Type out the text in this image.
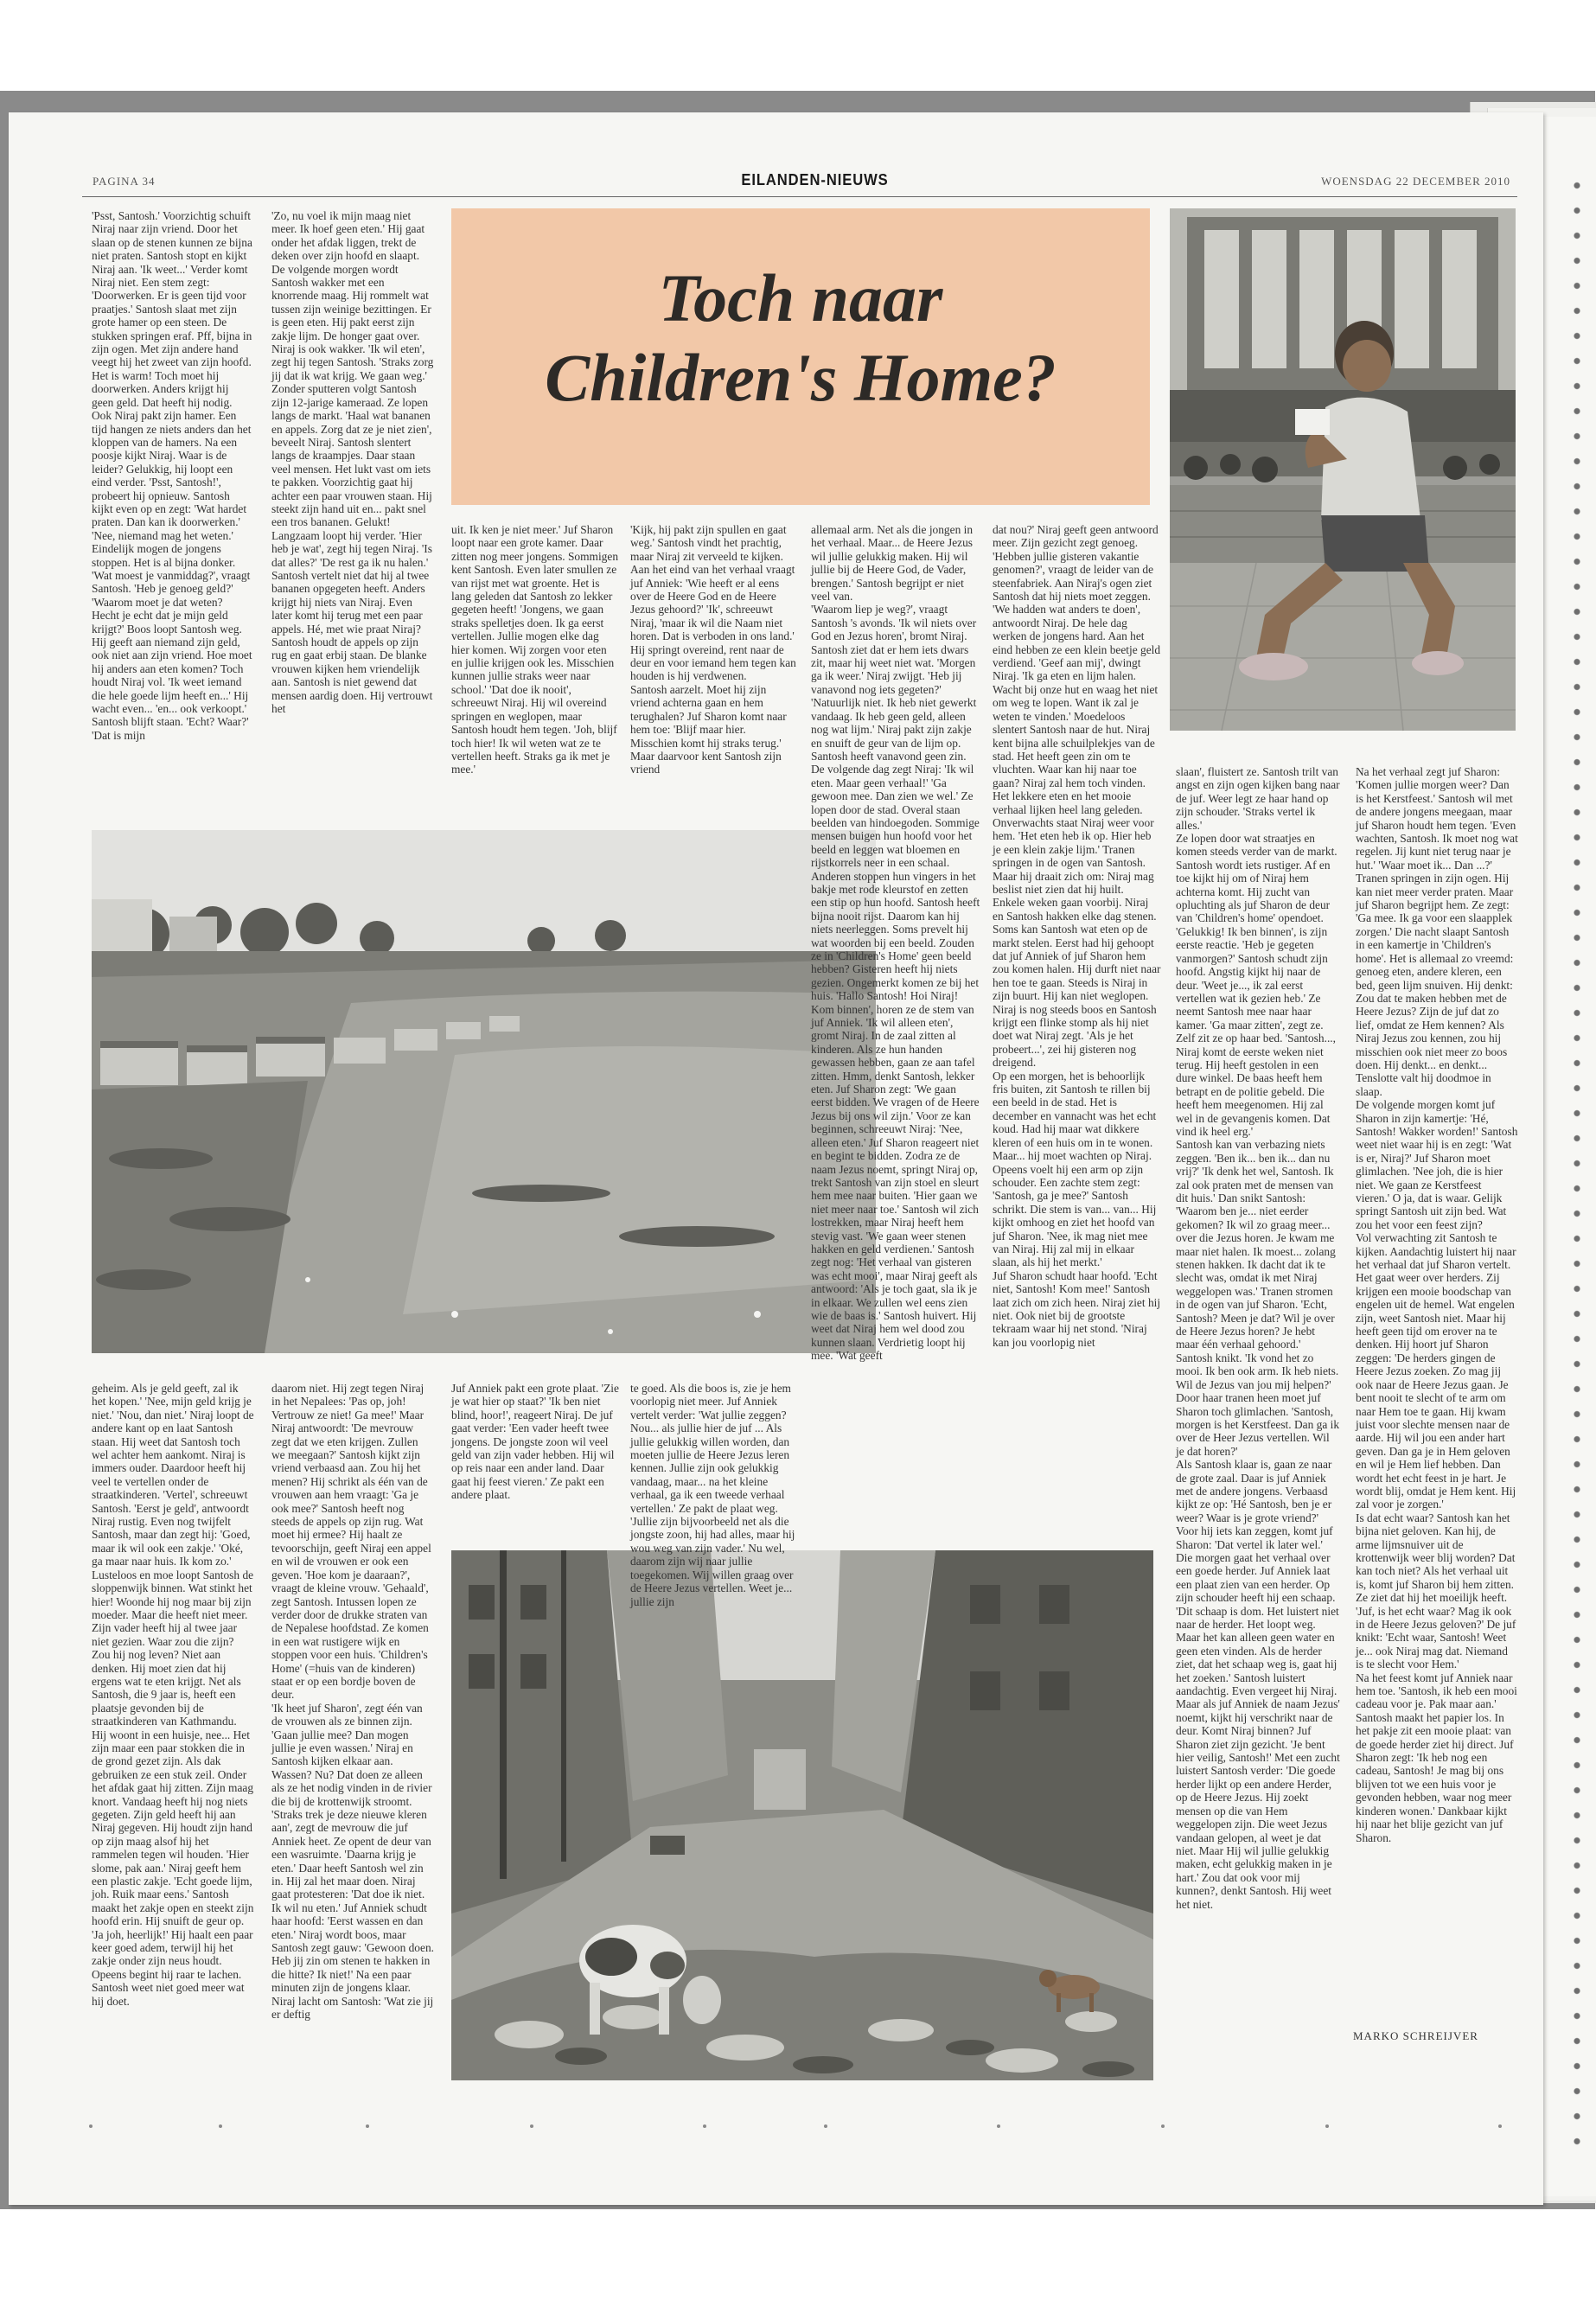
PAGINA 34	EILANDEN-NIEUWS	WOENSDAG 22 DECEMBER 2010
Toch naar
Children's Home?
'Psst, Santosh.' Voorzichtig schuift Niraj naar zijn vriend. Door het slaan op de stenen kunnen ze bijna niet praten. Santosh stopt en kijkt Niraj aan. 'Ik weet...' Verder komt Niraj niet. Een stem zegt: 'Doorwerken. Er is geen tijd voor praatjes.' Santosh slaat met zijn grote hamer op een steen. De stukken springen eraf. Pff, bijna in zijn ogen. Met zijn andere hand veegt hij het zweet van zijn hoofd. Het is warm! Toch moet hij doorwerken. Anders krijgt hij geen geld. Dat heeft hij nodig. Ook Niraj pakt zijn hamer. Een tijd hangen ze niets anders dan het kloppen van de hamers. Na een poosje kijkt Niraj. Waar is de leider? Gelukkig, hij loopt een eind verder. 'Psst, Santosh!', probeert hij opnieuw. Santosh kijkt even op en zegt: 'Wat hardet praten. Dan kan ik doorwerken.' 'Nee, niemand mag het weten.' Eindelijk mogen de jongens stoppen. Het is al bijna donker. 'Wat moest je vanmiddag?', vraagt Santosh. 'Heb je genoeg geld?' 'Waarom moet je dat weten? Hecht je echt dat je mijn geld krijgt?' Boos loopt Santosh weg. Hij geeft aan niemand zijn geld, ook niet aan zijn vriend. Hoe moet hij anders aan eten komen? Toch houdt Niraj vol. 'Ik weet iemand die hele goede lijm heeft en...' Hij wacht even... 'en... ook verkoopt.' Santosh blijft staan. 'Echt? Waar?' 'Dat is mijn
'Zo, nu voel ik mijn maag niet meer. Ik hoef geen eten.' Hij gaat onder het afdak liggen, trekt de deken over zijn hoofd en slaapt.
De volgende morgen wordt Santosh wakker met een knorrende maag. Hij rommelt wat tussen zijn weinige bezittingen. Er is geen eten. Hij pakt eerst zijn zakje lijm. De honger gaat over. Niraj is ook wakker. 'Ik wil eten', zegt hij tegen Santosh. 'Straks zorg jij dat ik wat krijg. We gaan weg.' Zonder sputteren volgt Santosh zijn 12-jarige kameraad. Ze lopen langs de markt. 'Haal wat bananen en appels. Zorg dat ze je niet zien', beveelt Niraj. Santosh slentert langs de kraampjes. Daar staan veel mensen. Het lukt vast om iets te pakken. Voorzichtig gaat hij achter een paar vrouwen staan. Hij steekt zijn hand uit en... pakt snel een tros bananen. Gelukt! Langzaam loopt hij verder. 'Hier heb je wat', zegt hij tegen Niraj. 'Is dat alles?' 'De rest ga ik nu halen.' Santosh vertelt niet dat hij al twee bananen opgegeten heeft. Anders krijgt hij niets van Niraj. Even later komt hij terug met een paar appels. Hé, met wie praat Niraj? Santosh houdt de appels op zijn rug en gaat erbij staan. De blanke vrouwen kijken hem vriendelijk aan. Santosh is niet gewend dat mensen aardig doen. Hij vertrouwt het
uit. Ik ken je niet meer.' Juf Sharon loopt naar een grote kamer. Daar zitten nog meer jongens. Sommigen kent Santosh. Even later smullen ze van rijst met wat groente. Het is lang geleden dat Santosh zo lekker gegeten heeft! 'Jongens, we gaan straks spelletjes doen. Ik ga eerst vertellen. Jullie mogen elke dag hier komen. Wij zorgen voor eten en jullie krijgen ook les. Misschien kunnen jullie straks weer naar school.' 'Dat doe ik nooit', schreeuwt Niraj. Hij wil overeind springen en weglopen, maar Santosh houdt hem tegen. 'Joh, blijf toch hier! Ik wil weten wat ze te vertellen heeft. Straks ga ik met je mee.'
'Kijk, hij pakt zijn spullen en gaat weg.' Santosh vindt het prachtig, maar Niraj zit verveeld te kijken. Aan het eind van het verhaal vraagt juf Anniek: 'Wie heeft er al eens over de Heere God en de Heere Jezus gehoord?' 'Ik', schreeuwt Niraj, 'maar ik wil die Naam niet horen. Dat is verboden in ons land.' Hij springt overeind, rent naar de deur en voor iemand hem tegen kan houden is hij verdwenen.
Santosh aarzelt. Moet hij zijn vriend achterna gaan en hem terughalen? Juf Sharon komt naar hem toe: 'Blijf maar hier. Misschien komt hij straks terug.' Maar daarvoor kent Santosh zijn vriend
allemaal arm. Net als die jongen in het verhaal. Maar... de Heere Jezus wil jullie gelukkig maken. Hij wil jullie bij de Heere God, de Vader, brengen.' Santosh begrijpt er niet veel van.
'Waarom liep je weg?', vraagt Santosh 's avonds. 'Ik wil niets over God en Jezus horen', bromt Niraj. Santosh ziet dat er hem iets dwars zit, maar hij weet niet wat. 'Morgen ga ik weer.' Niraj zwijgt. 'Heb jij vanavond nog iets gegeten?' 'Natuurlijk niet. Ik heb niet gewerkt vandaag. Ik heb geen geld, alleen nog wat lijm.' Niraj pakt zijn zakje en snuift de geur van de lijm op. Santosh heeft vanavond geen zin.
De volgende dag zegt Niraj: 'Ik wil eten. Maar geen verhaal!' 'Ga gewoon mee. Dan zien we wel.' Ze lopen door de stad. Overal staan beelden van hindoegoden. Sommige mensen buigen hun hoofd voor het beeld en leggen wat bloemen en rijstkorrels neer in een schaal. Anderen stoppen hun vingers in het bakje met rode kleurstof en zetten een stip op hun hoofd. Santosh heeft bijna nooit rijst. Daarom kan hij niets neerleggen. Soms prevelt hij wat woorden bij een beeld. Zouden ze in 'Children's Home' geen beeld hebben? Gisteren heeft hij niets gezien. Ongemerkt komen ze bij het huis. 'Hallo Santosh! Hoi Niraj! Kom binnen', horen ze de stem van juf Anniek. 'Ik wil alleen eten', gromt Niraj. In de zaal zitten al kinderen. Als ze hun handen gewassen hebben, gaan ze aan tafel zitten. Hmm, denkt Santosh, lekker eten. Juf Sharon zegt: 'We gaan eerst bidden. We vragen of de Heere Jezus bij ons wil zijn.' Voor ze kan beginnen, schreeuwt Niraj: 'Nee, alleen eten.' Juf Sharon reageert niet en begint te bidden. Zodra ze de naam Jezus noemt, springt Niraj op, trekt Santosh van zijn stoel en sleurt hem mee naar buiten. 'Hier gaan we niet meer naar toe.' Santosh wil zich lostrekken, maar Niraj heeft hem stevig vast. 'We gaan weer stenen hakken en geld verdienen.' Santosh zegt nog: 'Het verhaal van gisteren was echt mooi', maar Niraj geeft als antwoord: 'Als je toch gaat, sla ik je in elkaar. We zullen wel eens zien wie de baas is.' Santosh huivert. Hij weet dat Niraj hem wel dood zou kunnen slaan. Verdrietig loopt hij mee. 'Wat geeft
dat nou?' Niraj geeft geen antwoord meer. Zijn gezicht zegt genoeg.
'Hebben jullie gisteren vakantie genomen?', vraagt de leider van de steenfabriek. Aan Niraj's ogen ziet Santosh dat hij niets moet zeggen. 'We hadden wat anders te doen', antwoordt Niraj. De hele dag werken de jongens hard. Aan het eind hebben ze een klein beetje geld verdiend. 'Geef aan mij', dwingt Niraj. 'Ik ga eten en lijm halen. Wacht bij onze hut en waag het niet om weg te lopen. Want ik zal je weten te vinden.' Moedeloos slentert Santosh naar de hut. Niraj kent bijna alle schuilplekjes van de stad. Het heeft geen zin om te vluchten. Waar kan hij naar toe gaan? Niraj zal hem toch vinden. Het lekkere eten en het mooie verhaal lijken heel lang geleden. Onverwachts staat Niraj weer voor hem. 'Het eten heb ik op. Hier heb je een klein zakje lijm.' Tranen springen in de ogen van Santosh. Maar hij draait zich om: Niraj mag beslist niet zien dat hij huilt.
Enkele weken gaan voorbij. Niraj en Santosh hakken elke dag stenen. Soms kan Santosh wat eten op de markt stelen. Eerst had hij gehoopt dat juf Anniek of juf Sharon hem zou komen halen. Hij durft niet naar hen toe te gaan. Steeds is Niraj in zijn buurt. Hij kan niet weglopen. Niraj is nog steeds boos en Santosh krijgt een flinke stomp als hij niet doet wat Niraj zegt. 'Als je het probeert...', zei hij gisteren nog dreigend.
Op een morgen, het is behoorlijk fris buiten, zit Santosh te rillen bij een beeld in de stad. Het is december en vannacht was het echt koud. Had hij maar wat dikkere kleren of een huis om in te wonen. Maar... hij moet wachten op Niraj. Opeens voelt hij een arm op zijn schouder. Een zachte stem zegt: 'Santosh, ga je mee?' Santosh schrikt. Die stem is van... van... Hij kijkt omhoog en ziet het hoofd van juf Sharon. 'Nee, ik mag niet mee van Niraj. Hij zal mij in elkaar slaan, als hij het merkt.'
Juf Sharon schudt haar hoofd. 'Echt niet, Santosh! Kom mee!' Santosh laat zich om zich heen. Niraj ziet hij niet. Ook niet bij de grootste tekraam waar hij net stond. 'Niraj kan jou voorlopig niet
slaan', fluistert ze. Santosh trilt van angst en zijn ogen kijken bang naar de juf. Weer legt ze haar hand op zijn schouder. 'Straks vertel ik alles.'
Ze lopen door wat straatjes en komen steeds verder van de markt. Santosh wordt iets rustiger. Af en toe kijkt hij om of Niraj hem achterna komt. Hij zucht van opluchting als juf Sharon de deur van 'Children's home' opendoet. 'Gelukkig! Ik ben binnen', is zijn eerste reactie. 'Heb je gegeten vanmorgen?' Santosh schudt zijn hoofd. Angstig kijkt hij naar de deur. 'Weet je..., ik zal eerst vertellen wat ik gezien heb.' Ze neemt Santosh mee naar haar kamer. 'Ga maar zitten', zegt ze. Zelf zit ze op haar bed. 'Santosh..., Niraj komt de eerste weken niet terug. Hij heeft gestolen in een dure winkel. De baas heeft hem betrapt en de politie gebeld. Die heeft hem meegenomen. Hij zal wel in de gevangenis komen. Dat vind ik heel erg.'
Santosh kan van verbazing niets zeggen. 'Ben ik... ben ik... dan nu vrij?' 'Ik denk het wel, Santosh. Ik zal ook praten met de mensen van dit huis.' Dan snikt Santosh: 'Waarom ben je... niet eerder gekomen? Ik wil zo graag meer... over die Jezus horen. Je kwam me maar niet halen. Ik moest... zolang stenen hakken. Ik dacht dat ik te slecht was, omdat ik met Niraj weggelopen was.' Tranen stromen in de ogen van juf Sharon. 'Echt, Santosh? Meen je dat? Wil je over de Heere Jezus horen? Je hebt maar één verhaal gehoord.' Santosh knikt. 'Ik vond het zo mooi. Ik ben ook arm. Ik heb niets. Wil de Jezus van jou mij helpen?' Door haar tranen heen moet juf Sharon toch glimlachen. 'Santosh, morgen is het Kerstfeest. Dan ga ik over de Heer Jezus vertellen. Wil je dat horen?'
Als Santosh klaar is, gaan ze naar de grote zaal. Daar is juf Anniek met de andere jongens. Verbaasd kijkt ze op: 'Hé Santosh, ben je er weer? Waar is je grote vriend?' Voor hij iets kan zeggen, komt juf Sharon: 'Dat vertel ik later wel.' Die morgen gaat het verhaal over een goede herder. Juf Anniek laat een plaat zien van een herder. Op zijn schouder heeft hij een schaap. 'Dit schaap is dom. Het luistert niet naar de herder. Het loopt weg. Maar het kan alleen geen water en geen eten vinden. Als de herder ziet, dat het schaap weg is, gaat hij het zoeken.' Santosh luistert aandachtig. Even vergeet hij Niraj. Maar als juf Anniek de naam Jezus' noemt, kijkt hij verschrikt naar de deur. Komt Niraj binnen? Juf Sharon ziet zijn gezicht. 'Je bent hier veilig, Santosh!' Met een zucht luistert Santosh verder: 'Die goede herder lijkt op een andere Herder, op de Heere Jezus. Hij zoekt mensen op die van Hem weggelopen zijn. Die weet Jezus vandaan gelopen, al weet je dat niet. Maar Hij wil jullie gelukkig maken, echt gelukkig maken in je hart.' Zou dat ook voor mij kunnen?, denkt Santosh. Hij weet het niet.
Na het verhaal zegt juf Sharon: 'Komen jullie morgen weer? Dan is het Kerstfeest.' Santosh wil met de andere jongens meegaan, maar juf Sharon houdt hem tegen. 'Even wachten, Santosh. Ik moet nog wat regelen. Jij kunt niet terug naar je hut.' 'Waar moet ik... Dan ...?' Tranen springen in zijn ogen. Hij kan niet meer verder praten. Maar juf Sharon begrijpt hem. Ze zegt: 'Ga mee. Ik ga voor een slaapplek zorgen.' Die nacht slaapt Santosh in een kamertje in 'Children's home'. Het is allemaal zo vreemd: genoeg eten, andere kleren, een bed, geen lijm snuiven. Hij denkt: Zou dat te maken hebben met de Heere Jezus? Zijn de juf dat zo lief, omdat ze Hem kennen? Als Niraj Jezus zou kennen, zou hij misschien ook niet meer zo boos doen. Hij denkt... en denkt... Tenslotte valt hij doodmoe in slaap.
De volgende morgen komt juf Sharon in zijn kamertje: 'Hé, Santosh! Wakker worden!' Santosh weet niet waar hij is en zegt: 'Wat is er, Niraj?' Juf Sharon moet glimlachen. 'Nee joh, die is hier niet. We gaan ze Kerstfeest vieren.' O ja, dat is waar. Gelijk springt Santosh uit zijn bed. Wat zou het voor een feest zijn?
Vol verwachting zit Santosh te kijken. Aandachtig luistert hij naar het verhaal dat juf Sharon vertelt. Het gaat weer over herders. Zij krijgen een mooie boodschap van engelen uit de hemel. Wat engelen zijn, weet Santosh niet. Maar hij heeft geen tijd om erover na te denken. Hij hoort juf Sharon zeggen: 'De herders gingen de Heere Jezus zoeken. Zo mag jij ook naar de Heere Jezus gaan. Je bent nooit te slecht of te arm om naar Hem toe te gaan. Hij kwam juist voor slechte mensen naar de aarde. Hij wil jou een ander hart geven. Dan ga je in Hem geloven en wil je Hem lief hebben. Dan wordt het echt feest in je hart. Je wordt blij, omdat je Hem kent. Hij zal voor je zorgen.'
Is dat echt waar? Santosh kan het bijna niet geloven. Kan hij, de arme lijmsnuiver uit de krottenwijk weer blij worden? Dat kan toch niet? Als het verhaal uit is, komt juf Sharon bij hem zitten. Ze ziet dat hij het moeilijk heeft. 'Juf, is het echt waar? Mag ik ook in de Heere Jezus geloven?' De juf knikt: 'Echt waar, Santosh! Weet je... ook Niraj mag dat. Niemand is te slecht voor Hem.'
Na het feest komt juf Anniek naar hem toe. 'Santosh, ik heb een mooi cadeau voor je. Pak maar aan.' Santosh maakt het papier los. In het pakje zit een mooie plaat: van de goede herder ziet hij direct. Juf Sharon zegt: 'Ik heb nog een cadeau, Santosh! Je mag bij ons blijven tot we een huis voor je gevonden hebben, waar nog meer kinderen wonen.' Dankbaar kijkt hij naar het blije gezicht van juf Sharon.
geheim. Als je geld geeft, zal ik het kopen.' 'Nee, mijn geld krijg je niet.' 'Nou, dan niet.' Niraj loopt de andere kant op en laat Santosh staan. Hij weet dat Santosh toch wel achter hem aankomt. Niraj is immers ouder. Daardoor heeft hij veel te vertellen onder de straatkinderen. 'Vertel', schreeuwt Santosh. 'Eerst je geld', antwoordt Niraj rustig. Even nog twijfelt Santosh, maar dan zegt hij: 'Goed, maar ik wil ook een zakje.' 'Oké, ga maar naar huis. Ik kom zo.' Lusteloos en moe loopt Santosh de sloppenwijk binnen. Wat stinkt het hier! Woonde hij nog maar bij zijn moeder. Maar die heeft niet meer. Zijn vader heeft hij al twee jaar niet gezien. Waar zou die zijn? Zou hij nog leven? Niet aan denken. Hij moet zien dat hij ergens wat te eten krijgt. Net als Santosh, die 9 jaar is, heeft een plaatsje gevonden bij de straatkinderen van Kathmandu. Hij woont in een huisje, nee... Het zijn maar een paar stokken die in de grond gezet zijn. Als dak gebruiken ze een stuk zeil. Onder het afdak gaat hij zitten. Zijn maag knort. Vandaag heeft hij nog niets gegeten. Zijn geld heeft hij aan Niraj gegeven. Hij houdt zijn hand op zijn maag alsof hij het rammelen tegen wil houden. 'Hier slome, pak aan.' Niraj geeft hem een plastic zakje. 'Echt goede lijm, joh. Ruik maar eens.' Santosh maakt het zakje open en steekt zijn hoofd erin. Hij snuift de geur op. 'Ja joh, heerlijk!' Hij haalt een paar keer goed adem, terwijl hij het zakje onder zijn neus houdt. Opeens begint hij raar te lachen. Santosh weet niet goed meer wat hij doet.
daarom niet. Hij zegt tegen Niraj in het Nepalees: 'Pas op, joh! Vertrouw ze niet! Ga mee!' Maar Niraj antwoordt: 'De mevrouw zegt dat we eten krijgen. Zullen we meegaan?' Santosh kijkt zijn vriend verbaasd aan. Zou hij het menen? Hij schrikt als één van de vrouwen aan hem vraagt: 'Ga je ook mee?' Santosh heeft nog steeds de appels op zijn rug. Wat moet hij ermee? Hij haalt ze tevoorschijn, geeft Niraj een appel en wil de vrouwen er ook een geven. 'Hoe kom je daaraan?', vraagt de kleine vrouw. 'Gehaald', zegt Santosh. Intussen lopen ze verder door de drukke straten van de Nepalese hoofdstad. Ze komen in een wat rustigere wijk en stoppen voor een huis. 'Children's Home' (=huis van de kinderen) staat er op een bordje boven de deur.
'Ik heet juf Sharon', zegt één van de vrouwen als ze binnen zijn. 'Gaan jullie mee? Dan mogen jullie je even wassen.' Niraj en Santosh kijken elkaar aan. Wassen? Nu? Dat doen ze alleen als ze het nodig vinden in de rivier die bij de krottenwijk stroomt. 'Straks trek je deze nieuwe kleren aan', zegt de mevrouw die juf Anniek heet. Ze opent de deur van een wasruimte. 'Daarna krijg je eten.' Daar heeft Santosh wel zin in. Hij zal het maar doen. Niraj gaat protesteren: 'Dat doe ik niet. Ik wil nu eten.' Juf Anniek schudt haar hoofd: 'Eerst wassen en dan eten.' Niraj wordt boos, maar Santosh zegt gauw: 'Gewoon doen. Heb jij zin om stenen te hakken in die hitte? Ik niet!' Na een paar minuten zijn de jongens klaar. Niraj lacht om Santosh: 'Wat zie jij er deftig
Juf Anniek pakt een grote plaat. 'Zie je wat hier op staat?' 'Ik ben niet blind, hoor!', reageert Niraj. De juf gaat verder: 'Een vader heeft twee jongens. De jongste zoon wil veel geld van zijn vader hebben. Hij wil op reis naar een ander land. Daar gaat hij feest vieren.' Ze pakt een andere plaat.
te goed. Als die boos is, zie je hem voorlopig niet meer. Juf Anniek vertelt verder: 'Wat jullie zeggen? Nou... als jullie hier de juf ... Als jullie gelukkig willen worden, dan moeten jullie de Heere Jezus leren kennen. Jullie zijn ook gelukkig vandaag, maar... na het kleine verhaal, ga ik een tweede verhaal vertellen.' Ze pakt de plaat weg.
'Jullie zijn bijvoorbeeld net als die jongste zoon, hij had alles, maar hij wou weg van zijn vader.' Nu wel, daarom zijn wij naar jullie toegekomen. Wij willen graag over de Heere Jezus vertellen. Weet je... jullie zijn
MARKO SCHREIJVER
